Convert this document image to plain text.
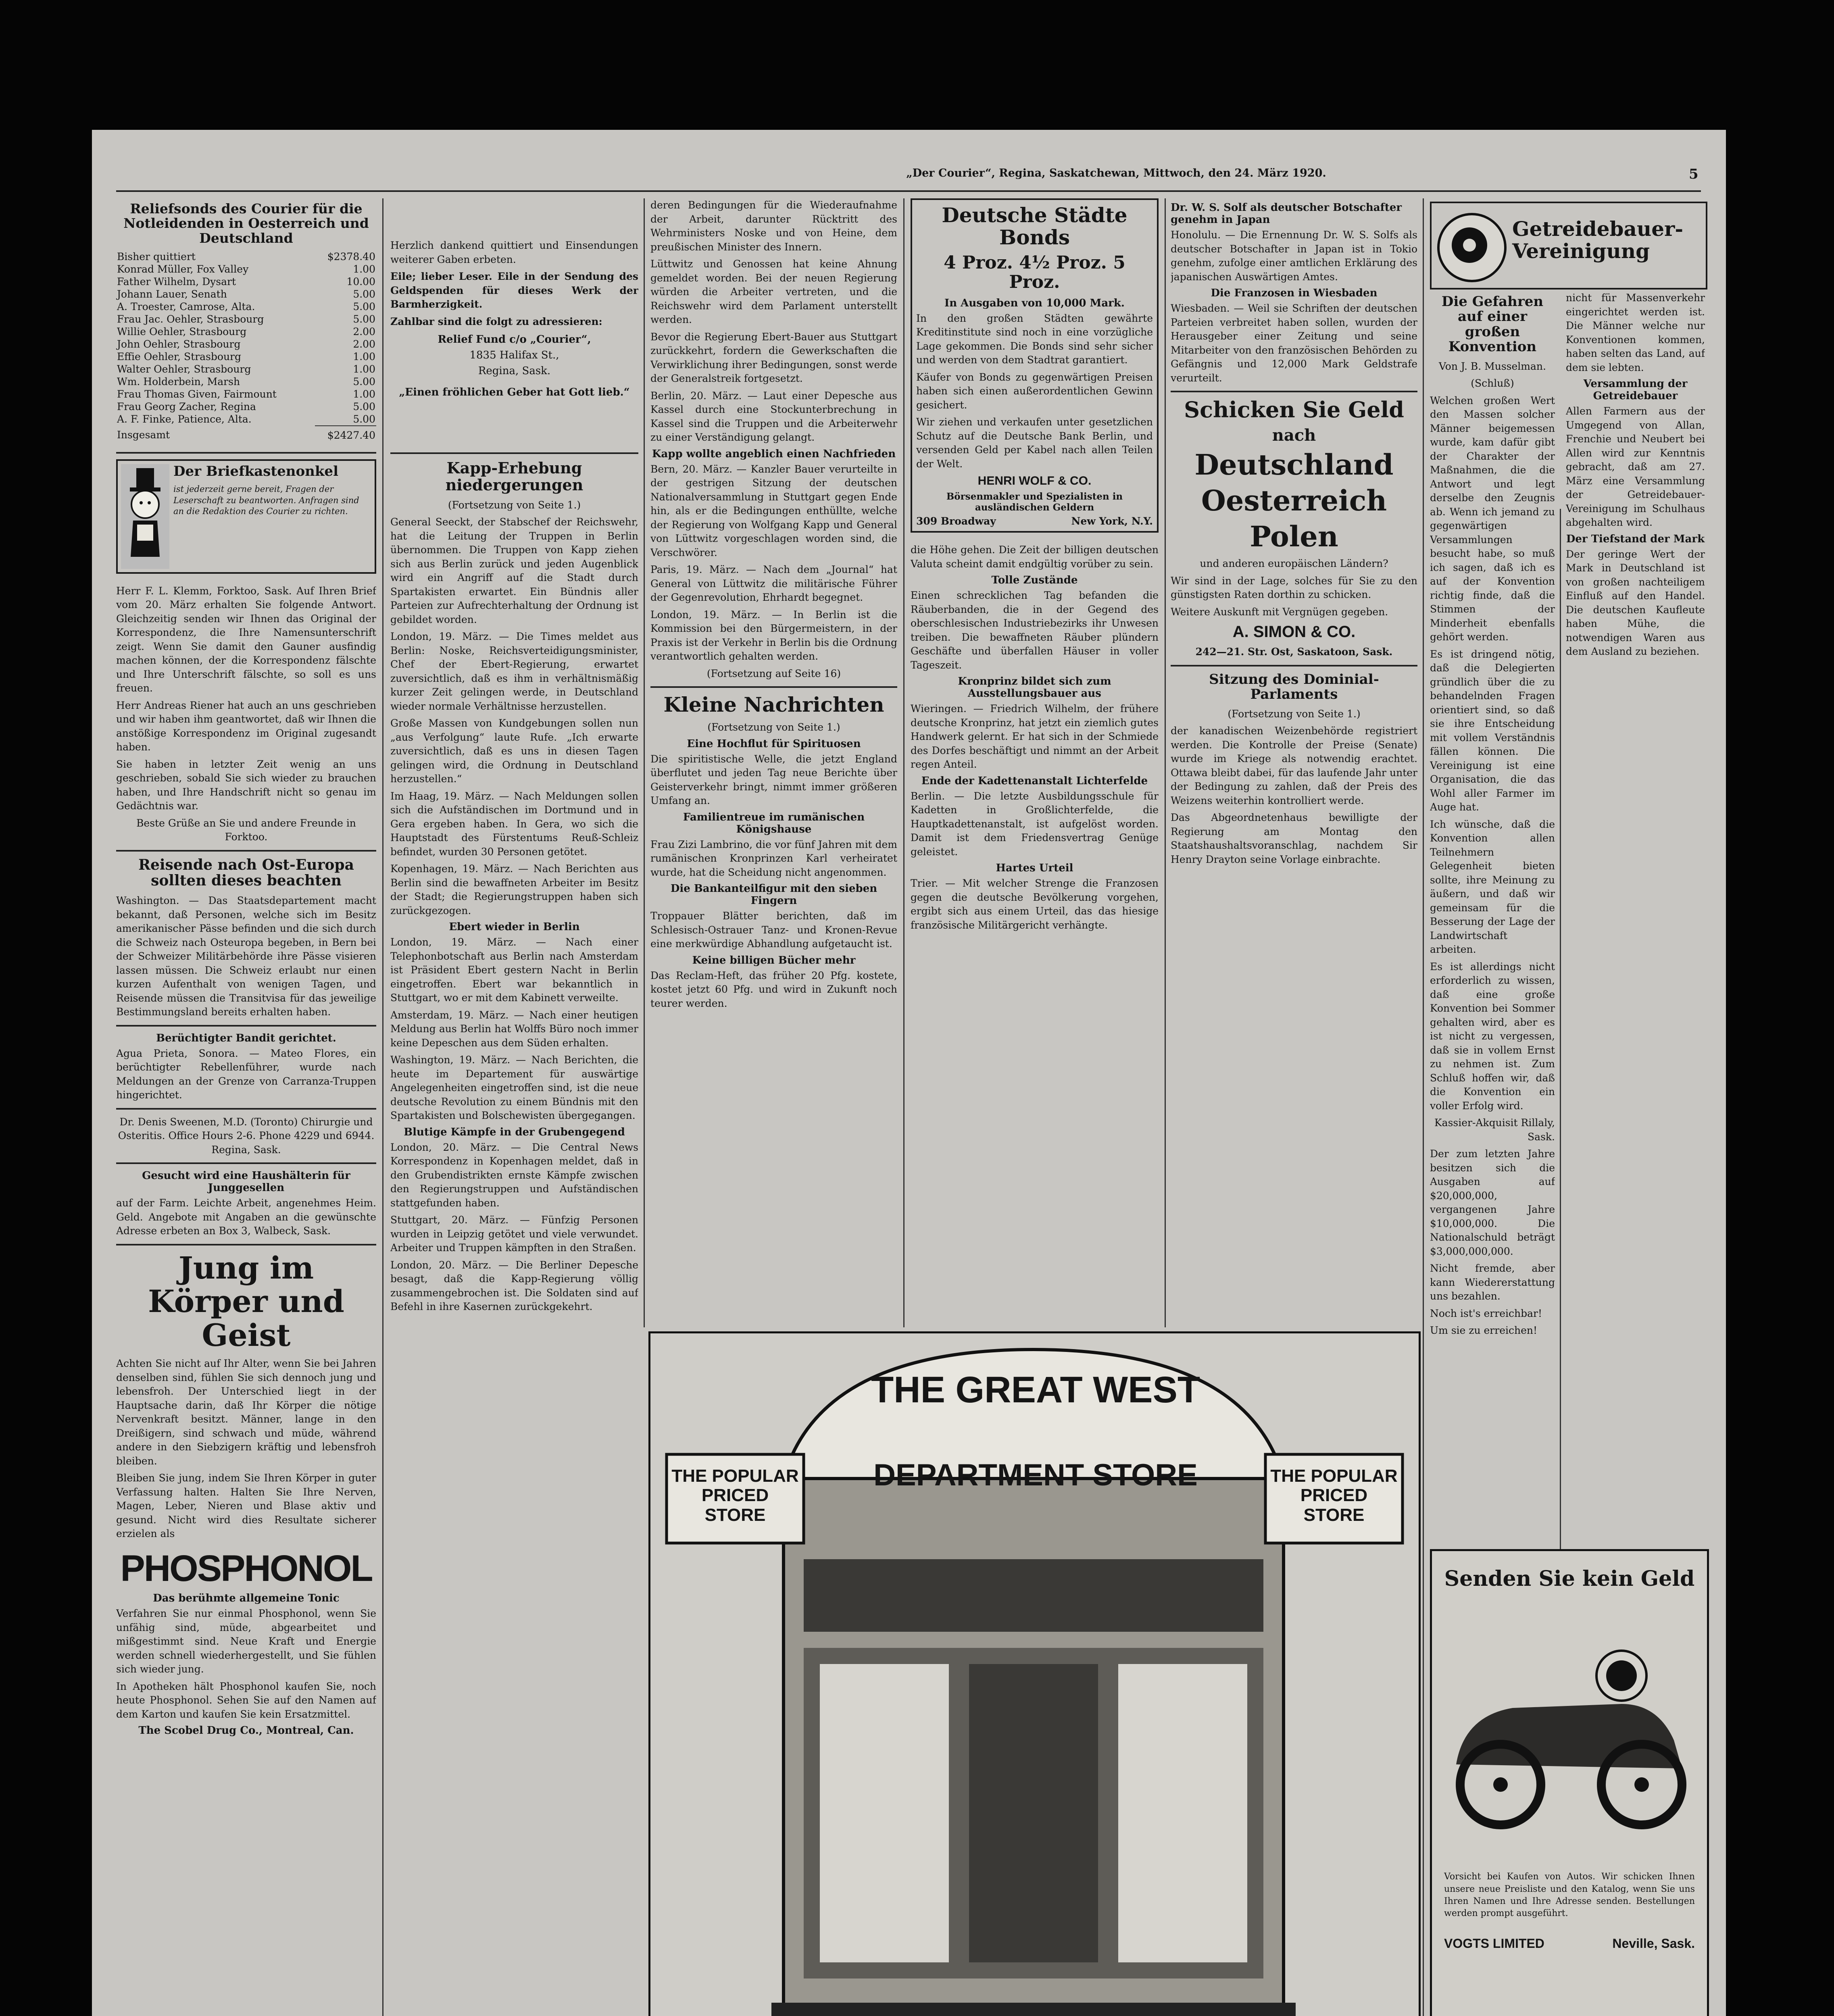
„Der Courier“, Regina, Saskatchewan, Mittwoch, den 24. März 1920.	5
Reliefsonds des Courier für die Notleidenden in Oesterreich und Deutschland
Bisher quittiert	$2378.40
Konrad Müller, Fox Valley	1.00
Father Wilhelm, Dysart	10.00
Johann Lauer, Senath	5.00
A. Troester, Camrose, Alta.	5.00
Frau Jac. Oehler, Strasbourg	5.00
Willie Oehler, Strasbourg	2.00
John Oehler, Strasbourg	2.00
Effie Oehler, Strasbourg	1.00
Walter Oehler, Strasbourg	1.00
Wm. Holderbein, Marsh	5.00
Frau Thomas Given, Fairmount	1.00
Frau Georg Zacher, Regina	5.00
A. F. Finke, Patience, Alta.	5.00
Insgesamt	$2427.40
Der Briefkastenonkel
ist jederzeit gerne bereit, Fragen der Leserschaft zu beantworten. Anfragen sind an die Redaktion des Courier zu richten.

Herr F. L. Klemm, Forktoo, Sask. Auf Ihren Brief vom 20. März erhalten Sie folgende Antwort. Gleichzeitig senden wir Ihnen das Original der Korrespondenz, die Ihre Namensunterschrift zeigt. Wenn Sie damit den Gauner ausfindig machen können, der die Korrespondenz fälschte und Ihre Unterschrift fälschte, so soll es uns freuen.

Herr Andreas Riener hat auch an uns geschrieben und wir haben ihm geantwortet, daß wir Ihnen die anstößige Korrespondenz im Original zugesandt haben.

Sie haben in letzter Zeit wenig an uns geschrieben, sobald Sie sich wieder zu brauchen haben, und Ihre Handschrift nicht so genau im Gedächtnis war.

Beste Grüße an Sie und andere Freunde in Forktoo.

Reisende nach Ost-Europa sollten dieses beachten

Washington. — Das Staatsdepartement macht bekannt, daß Personen, welche sich im Besitz amerikanischer Pässe befinden und die sich durch die Schweiz nach Osteuropa begeben, in Bern bei der Schweizer Militärbehörde ihre Pässe visieren lassen müssen. Die Schweiz erlaubt nur einen kurzen Aufenthalt von wenigen Tagen, und Reisende müssen die Transitvisa für das jeweilige Bestimmungsland bereits erhalten haben.

Berüchtigter Bandit gerichtet.

Agua Prieta, Sonora. — Mateo Flores, ein berüchtigter Rebellenführer, wurde nach Meldungen an der Grenze von Carranza-Truppen hingerichtet.

Dr. Denis Sweenen, M.D. (Toronto) Chirurgie und Osteritis. Office Hours 2-6. Phone 4229 und 6944. Regina, Sask.

Gesucht wird eine Haushälterin für Junggesellen

auf der Farm. Leichte Arbeit, angenehmes Heim. Geld. Angebote mit Angaben an die gewünschte Adresse erbeten an Box 3, Walbeck, Sask.

Jung im Körper und Geist

Achten Sie nicht auf Ihr Alter, wenn Sie bei Jahren denselben sind, fühlen Sie sich dennoch jung und lebensfroh. Der Unterschied liegt in der Hauptsache darin, daß Ihr Körper die nötige Nervenkraft besitzt. Männer, lange in den Dreißigern, sind schwach und müde, während andere in den Siebzigern kräftig und lebensfroh bleiben.

Bleiben Sie jung, indem Sie Ihren Körper in guter Verfassung halten. Halten Sie Ihre Nerven, Magen, Leber, Nieren und Blase aktiv und gesund. Nicht wird dies Resultate sicherer erzielen als

PHOSPHONOL
Das berühmte allgemeine Tonic

Verfahren Sie nur einmal Phosphonol, wenn Sie unfähig sind, müde, abgearbeitet und mißgestimmt sind. Neue Kraft und Energie werden schnell wiederhergestellt, und Sie fühlen sich wieder jung.

In Apotheken hält Phosphonol kaufen Sie, noch heute Phosphonol. Sehen Sie auf den Namen auf dem Karton und kaufen Sie kein Ersatzmittel.

The Scobel Drug Co., Montreal, Can.

Herzlich dankend quittiert und Einsendungen weiterer Gaben erbeten.

Eile; lieber Leser. Eile in der Sendung des Geldspenden für dieses Werk der Barmherzigkeit.

Zahlbar sind die folgt zu adressieren:

Relief Fund c/o „Courier“,
1835 Halifax St.,
Regina, Sask.
„Einen fröhlichen Geber hat Gott lieb.“
Kapp-Erhebung niedergerungen
(Fortsetzung von Seite 1.)

General Seeckt, der Stabschef der Reichswehr, hat die Leitung der Truppen in Berlin übernommen. Die Truppen von Kapp ziehen sich aus Berlin zurück und jeden Augenblick wird ein Angriff auf die Stadt durch Spartakisten erwartet. Ein Bündnis aller Parteien zur Aufrechterhaltung der Ordnung ist gebildet worden.

London, 19. März. — Die Times meldet aus Berlin: Noske, Reichsverteidigungsminister, Chef der Ebert-Regierung, erwartet zuversichtlich, daß es ihm in verhältnismäßig kurzer Zeit gelingen werde, in Deutschland wieder normale Verhältnisse herzustellen.

Große Massen von Kundgebungen sollen nun „aus Verfolgung“ laute Rufe. „Ich erwarte zuversichtlich, daß es uns in diesen Tagen gelingen wird, die Ordnung in Deutschland herzustellen.“

Im Haag, 19. März. — Nach Meldungen sollen sich die Aufständischen im Dortmund und in Gera ergeben haben. In Gera, wo sich die Hauptstadt des Fürstentums Reuß-Schleiz befindet, wurden 30 Personen getötet.

Kopenhagen, 19. März. — Nach Berichten aus Berlin sind die bewaffneten Arbeiter im Besitz der Stadt; die Regierungstruppen haben sich zurückgezogen.

Ebert wieder in Berlin

London, 19. März. — Nach einer Telephonbotschaft aus Berlin nach Amsterdam ist Präsident Ebert gestern Nacht in Berlin eingetroffen. Ebert war bekanntlich in Stuttgart, wo er mit dem Kabinett verweilte.

Amsterdam, 19. März. — Nach einer heutigen Meldung aus Berlin hat Wolffs Büro noch immer keine Depeschen aus dem Süden erhalten.

Washington, 19. März. — Nach Berichten, die heute im Departement für auswärtige Angelegenheiten eingetroffen sind, ist die neue deutsche Revolution zu einem Bündnis mit den Spartakisten und Bolschewisten übergegangen.

Blutige Kämpfe in der Grubengegend

London, 20. März. — Die Central News Korrespondenz in Kopenhagen meldet, daß in den Grubendistrikten ernste Kämpfe zwischen den Regierungstruppen und Aufständischen stattgefunden haben.

Stuttgart, 20. März. — Fünfzig Personen wurden in Leipzig getötet und viele verwundet. Arbeiter und Truppen kämpften in den Straßen.

London, 20. März. — Die Berliner Depesche besagt, daß die Kapp-Regierung völlig zusammengebrochen ist. Die Soldaten sind auf Befehl in ihre Kasernen zurückgekehrt.

deren Bedingungen für die Wiederaufnahme der Arbeit, darunter Rücktritt des Wehrministers Noske und von Heine, dem preußischen Minister des Innern.

Lüttwitz und Genossen hat keine Ahnung gemeldet worden. Bei der neuen Regierung würden die Arbeiter vertreten, und die Reichswehr wird dem Parlament unterstellt werden.

Bevor die Regierung Ebert-Bauer aus Stuttgart zurückkehrt, fordern die Gewerkschaften die Verwirklichung ihrer Bedingungen, sonst werde der Generalstreik fortgesetzt.

Berlin, 20. März. — Laut einer Depesche aus Kassel durch eine Stockunterbrechung in Kassel sind die Truppen und die Arbeiterwehr zu einer Verständigung gelangt.

Kapp wollte angeblich einen Nachfrieden

Bern, 20. März. — Kanzler Bauer verurteilte in der gestrigen Sitzung der deutschen Nationalversammlung in Stuttgart gegen Ende hin, als er die Bedingungen enthüllte, welche der Regierung von Wolfgang Kapp und General von Lüttwitz vorgeschlagen worden sind, die Verschwörer.

Paris, 19. März. — Nach dem „Journal“ hat General von Lüttwitz die militärische Führer der Gegenrevolution, Ehrhardt begegnet.

London, 19. März. — In Berlin ist die Kommission bei den Bürgermeistern, in der Praxis ist der Verkehr in Berlin bis die Ordnung verantwortlich gehalten werden.

(Fortsetzung auf Seite 16)
Kleine Nachrichten
(Fortsetzung von Seite 1.)
Eine Hochflut für Spirituosen

Die spiritistische Welle, die jetzt England überflutet und jeden Tag neue Berichte über Geisterverkehr bringt, nimmt immer größeren Umfang an.

Familientreue im rumänischen Königshause

Frau Zizi Lambrino, die vor fünf Jahren mit dem rumänischen Kronprinzen Karl verheiratet wurde, hat die Scheidung nicht angenommen.

Die Bankanteilfigur mit den sieben Fingern

Troppauer Blätter berichten, daß im Schlesisch-Ostrauer Tanz- und Kronen-Revue eine merkwürdige Abhandlung aufgetaucht ist.

Keine billigen Bücher mehr

Das Reclam-Heft, das früher 20 Pfg. kostete, kostet jetzt 60 Pfg. und wird in Zukunft noch teurer werden.

Deutsche Städte Bonds
4 Proz. 4½ Proz. 5 Proz.
In Ausgaben von 10,000 Mark.

In den großen Städten gewährte Kreditinstitute sind noch in eine vorzügliche Lage gekommen. Die Bonds sind sehr sicher und werden von dem Stadtrat garantiert.

Käufer von Bonds zu gegenwärtigen Preisen haben sich einen außerordentlichen Gewinn gesichert.

Wir ziehen und verkaufen unter gesetzlichen Schutz auf die Deutsche Bank Berlin, und versenden Geld per Kabel nach allen Teilen der Welt.

HENRI WOLF & CO.
Börsenmakler und Spezialisten in ausländischen Geldern
309 Broadway	New York, N.Y.

die Höhe gehen. Die Zeit der billigen deutschen Valuta scheint damit endgültig vorüber zu sein.

Tolle Zustände

Einen schrecklichen Tag befanden die Räuberbanden, die in der Gegend des oberschlesischen Industriebezirks ihr Unwesen treiben. Die bewaffneten Räuber plündern Geschäfte und überfallen Häuser in voller Tageszeit.

Kronprinz bildet sich zum Ausstellungsbauer aus

Wieringen. — Friedrich Wilhelm, der frühere deutsche Kronprinz, hat jetzt ein ziemlich gutes Handwerk gelernt. Er hat sich in der Schmiede des Dorfes beschäftigt und nimmt an der Arbeit regen Anteil.

Ende der Kadettenanstalt Lichterfelde

Berlin. — Die letzte Ausbildungsschule für Kadetten in Großlichterfelde, die Hauptkadettenanstalt, ist aufgelöst worden. Damit ist dem Friedensvertrag Genüge geleistet.

Hartes Urteil

Trier. — Mit welcher Strenge die Franzosen gegen die deutsche Bevölkerung vorgehen, ergibt sich aus einem Urteil, das das hiesige französische Militärgericht verhängte.

Dr. W. S. Solf als deutscher Botschafter genehm in Japan

Honolulu. — Die Ernennung Dr. W. S. Solfs als deutscher Botschafter in Japan ist in Tokio genehm, zufolge einer amtlichen Erklärung des japanischen Auswärtigen Amtes.

Die Franzosen in Wiesbaden

Wiesbaden. — Weil sie Schriften der deutschen Parteien verbreitet haben sollen, wurden der Herausgeber einer Zeitung und seine Mitarbeiter von den französischen Behörden zu Gefängnis und 12,000 Mark Geldstrafe verurteilt.

Schicken Sie Geld
nach
Deutschland
Oesterreich
Polen
und anderen europäischen Ländern?

Wir sind in der Lage, solches für Sie zu den günstigsten Raten dorthin zu schicken.

Weitere Auskunft mit Vergnügen gegeben.

A. SIMON & CO.
242—21. Str. Ost, Saskatoon, Sask.
Sitzung des Dominial-Parlaments
(Fortsetzung von Seite 1.)

der kanadischen Weizenbehörde registriert werden. Die Kontrolle der Preise (Senate) wurde im Kriege als notwendig erachtet. Ottawa bleibt dabei, für das laufende Jahr unter der Bedingung zu zahlen, daß der Preis des Weizens weiterhin kontrolliert werde.

Das Abgeordnetenhaus bewilligte der Regierung am Montag den Staatshaushaltsvoranschlag, nachdem Sir Henry Drayton seine Vorlage einbrachte.

Getreidebauer-Vereinigung
Die Gefahren auf einer großen Konvention
Von J. B. Musselman.
(Schluß)

Welchen großen Wert den Massen solcher Männer beigemessen wurde, kam dafür gibt der Charakter der Maßnahmen, die die Antwort und legt derselbe den Zeugnis ab. Wenn ich jemand zu gegenwärtigen Versammlungen besucht habe, so muß ich sagen, daß ich es auf der Konvention richtig finde, daß die Stimmen der Minderheit ebenfalls gehört werden.

Es ist dringend nötig, daß die Delegierten gründlich über die zu behandelnden Fragen orientiert sind, so daß sie ihre Entscheidung mit vollem Verständnis fällen können. Die Vereinigung ist eine Organisation, die das Wohl aller Farmer im Auge hat.

Ich wünsche, daß die Konvention allen Teilnehmern Gelegenheit bieten sollte, ihre Meinung zu äußern, und daß wir gemeinsam für die Besserung der Lage der Landwirtschaft arbeiten.

Es ist allerdings nicht erforderlich zu wissen, daß eine große Konvention bei Sommer gehalten wird, aber es ist nicht zu vergessen, daß sie in vollem Ernst zu nehmen ist. Zum Schluß hoffen wir, daß die Konvention ein voller Erfolg wird.

Kassier-Akquisit Rillaly, Sask.

Der zum letzten Jahre besitzen sich die Ausgaben auf $20,000,000, vergangenen Jahre $10,000,000. Die Nationalschuld beträgt $3,000,000,000.

Nicht fremde, aber kann Wiedererstattung uns bezahlen.

Noch ist's erreichbar!

Um sie zu erreichen!

nicht für Massenverkehr eingerichtet werden ist. Die Männer welche nur Konventionen kommen, haben selten das Land, auf dem sie lebten.

Versammlung der Getreidebauer

Allen Farmern aus der Umgegend von Allan, Frenchie und Neubert bei Allen wird zur Kenntnis gebracht, daß am 27. März eine Versammlung der Getreidebauer-Vereinigung im Schulhaus abgehalten wird.

Der Tiefstand der Mark

Der geringe Wert der Mark in Deutschland ist von großen nachteiligem Einfluß auf den Handel. Die deutschen Kaufleute haben Mühe, die notwendigen Waren aus dem Ausland zu beziehen.

THE GREAT WEST
DEPARTMENT STORE
THE POPULAR PRICED STORE
THE POPULAR PRICED STORE

Senden Sie kein Geld

Vorsicht bei Kaufen von Autos. Wir schicken Ihnen unsere neue Preisliste und den Katalog, wenn Sie uns Ihren Namen und Ihre Adresse senden. Bestellungen werden prompt ausgeführt.

VOGTS LIMITED	Neville, Sask.
